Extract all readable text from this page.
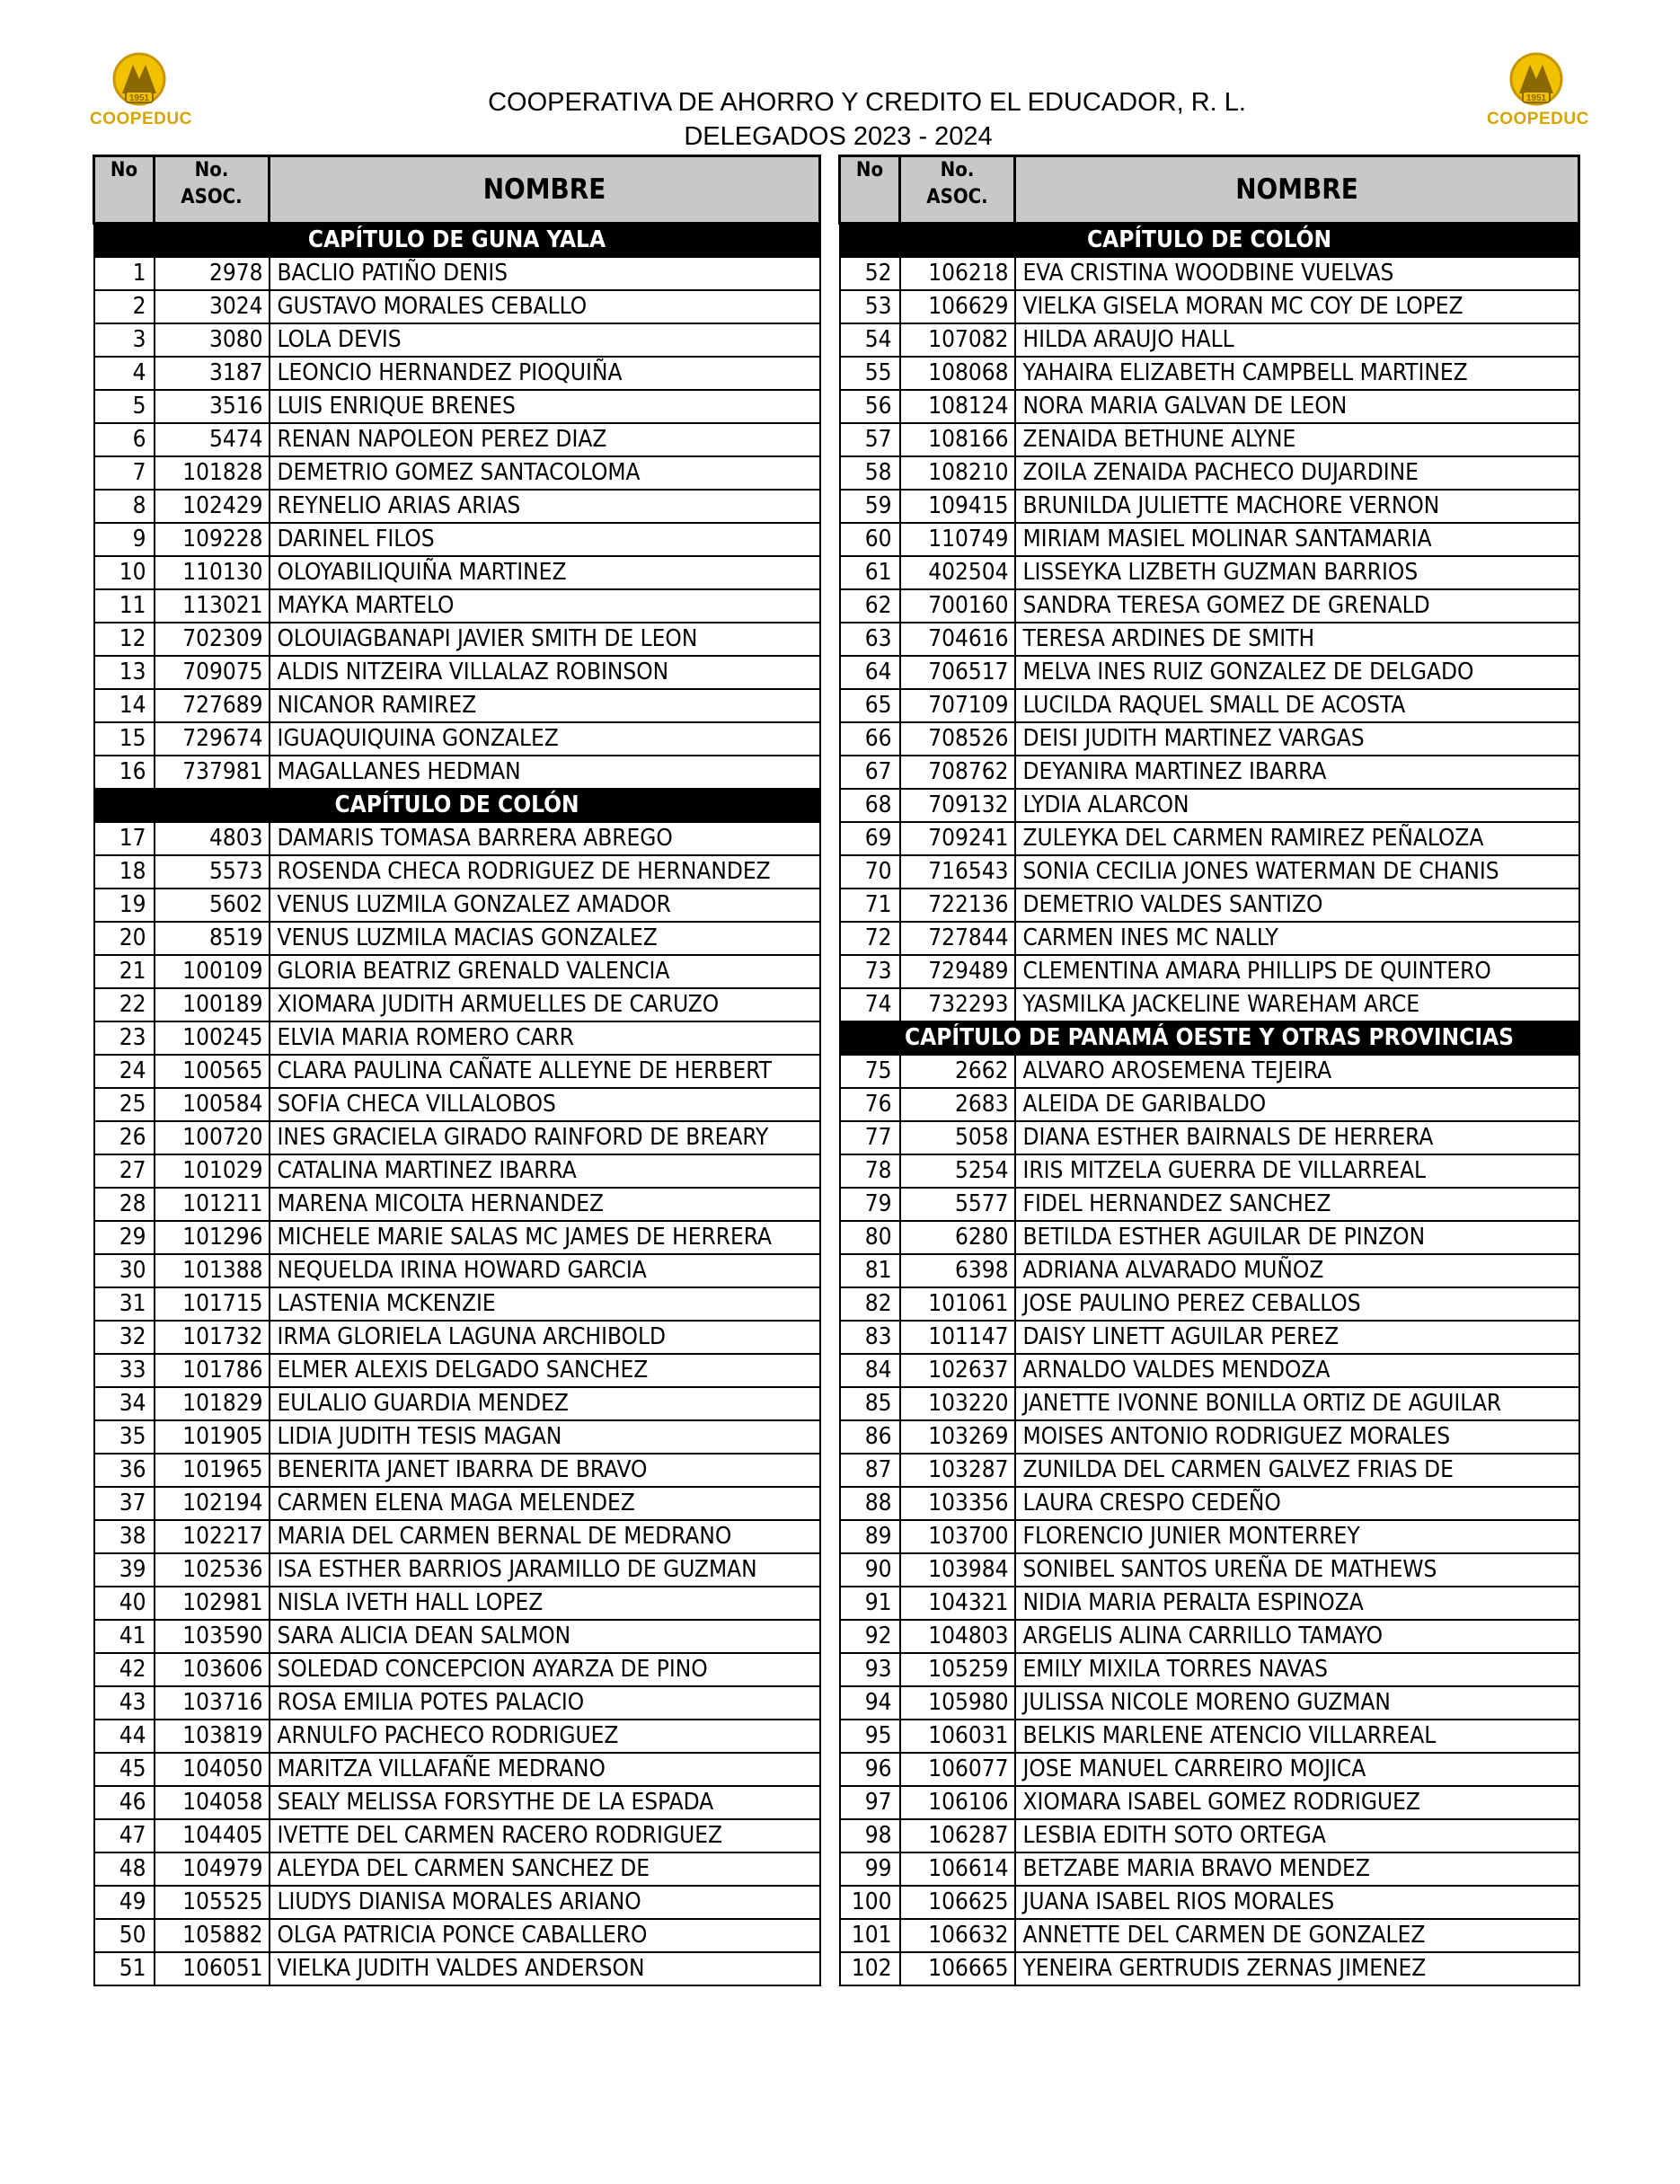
1951
COOPEDUC
1951
COOPEDUC
COOPERATIVA DE AHORRO Y CREDITO EL EDUCADOR, R. L.
DELEGADOS 2023 - 2024
No	No.
ASOC.	NOMBRE
CAPÍTULO DE GUNA YALA		
1	2978	BACLIO PATIÑO DENIS
2	3024	GUSTAVO MORALES CEBALLO
3	3080	LOLA DEVIS
4	3187	LEONCIO HERNANDEZ PIOQUIÑA
5	3516	LUIS ENRIQUE BRENES
6	5474	RENAN NAPOLEON PEREZ DIAZ
7	101828	DEMETRIO GOMEZ SANTACOLOMA
8	102429	REYNELIO ARIAS ARIAS
9	109228	DARINEL FILOS
10	110130	OLOYABILIQUIÑA MARTINEZ
11	113021	MAYKA MARTELO
12	702309	OLOUIAGBANAPI JAVIER SMITH DE LEON
13	709075	ALDIS NITZEIRA VILLALAZ ROBINSON
14	727689	NICANOR RAMIREZ
15	729674	IGUAQUIQUINA GONZALEZ
16	737981	MAGALLANES HEDMAN
CAPÍTULO DE COLÓN		
17	4803	DAMARIS TOMASA BARRERA ABREGO
18	5573	ROSENDA CHECA RODRIGUEZ DE HERNANDEZ
19	5602	VENUS LUZMILA GONZALEZ AMADOR
20	8519	VENUS LUZMILA MACIAS GONZALEZ
21	100109	GLORIA BEATRIZ GRENALD VALENCIA
22	100189	XIOMARA JUDITH ARMUELLES DE CARUZO
23	100245	ELVIA MARIA ROMERO CARR
24	100565	CLARA PAULINA CAÑATE ALLEYNE DE HERBERT
25	100584	SOFIA CHECA VILLALOBOS
26	100720	INES GRACIELA GIRADO RAINFORD DE BREARY
27	101029	CATALINA MARTINEZ IBARRA
28	101211	MARENA MICOLTA HERNANDEZ
29	101296	MICHELE MARIE SALAS MC JAMES DE HERRERA
30	101388	NEQUELDA IRINA HOWARD GARCIA
31	101715	LASTENIA MCKENZIE
32	101732	IRMA GLORIELA LAGUNA ARCHIBOLD
33	101786	ELMER ALEXIS DELGADO SANCHEZ
34	101829	EULALIO GUARDIA MENDEZ
35	101905	LIDIA JUDITH TESIS MAGAN
36	101965	BENERITA JANET IBARRA DE BRAVO
37	102194	CARMEN ELENA MAGA MELENDEZ
38	102217	MARIA DEL CARMEN BERNAL DE MEDRANO
39	102536	ISA ESTHER BARRIOS JARAMILLO DE GUZMAN
40	102981	NISLA IVETH HALL LOPEZ
41	103590	SARA ALICIA DEAN SALMON
42	103606	SOLEDAD CONCEPCION AYARZA DE PINO
43	103716	ROSA EMILIA POTES PALACIO
44	103819	ARNULFO PACHECO RODRIGUEZ
45	104050	MARITZA VILLAFAÑE MEDRANO
46	104058	SEALY MELISSA FORSYTHE DE LA ESPADA
47	104405	IVETTE DEL CARMEN RACERO RODRIGUEZ
48	104979	ALEYDA DEL CARMEN SANCHEZ DE
49	105525	LIUDYS DIANISA MORALES ARIANO
50	105882	OLGA PATRICIA PONCE CABALLERO
51	106051	VIELKA JUDITH VALDES ANDERSON
No	No.
ASOC.	NOMBRE
CAPÍTULO DE COLÓN		
52	106218	EVA CRISTINA WOODBINE VUELVAS
53	106629	VIELKA GISELA MORAN MC COY DE LOPEZ
54	107082	HILDA ARAUJO HALL
55	108068	YAHAIRA ELIZABETH CAMPBELL MARTINEZ
56	108124	NORA MARIA GALVAN DE LEON
57	108166	ZENAIDA BETHUNE ALYNE
58	108210	ZOILA ZENAIDA PACHECO DUJARDINE
59	109415	BRUNILDA JULIETTE MACHORE VERNON
60	110749	MIRIAM MASIEL MOLINAR SANTAMARIA
61	402504	LISSEYKA LIZBETH GUZMAN BARRIOS
62	700160	SANDRA TERESA GOMEZ DE GRENALD
63	704616	TERESA ARDINES DE SMITH
64	706517	MELVA INES RUIZ GONZALEZ DE DELGADO
65	707109	LUCILDA RAQUEL SMALL DE ACOSTA
66	708526	DEISI JUDITH MARTINEZ VARGAS
67	708762	DEYANIRA MARTINEZ IBARRA
68	709132	LYDIA ALARCON
69	709241	ZULEYKA DEL CARMEN RAMIREZ PEÑALOZA
70	716543	SONIA CECILIA JONES WATERMAN DE CHANIS
71	722136	DEMETRIO VALDES SANTIZO
72	727844	CARMEN INES MC NALLY
73	729489	CLEMENTINA AMARA PHILLIPS DE QUINTERO
74	732293	YASMILKA JACKELINE WAREHAM ARCE
CAPÍTULO DE PANAMÁ OESTE Y OTRAS PROVINCIAS		
75	2662	ALVARO AROSEMENA TEJEIRA
76	2683	ALEIDA DE GARIBALDO
77	5058	DIANA ESTHER BAIRNALS DE HERRERA
78	5254	IRIS MITZELA GUERRA DE VILLARREAL
79	5577	FIDEL HERNANDEZ SANCHEZ
80	6280	BETILDA ESTHER AGUILAR DE PINZON
81	6398	ADRIANA ALVARADO MUÑOZ
82	101061	JOSE PAULINO PEREZ CEBALLOS
83	101147	DAISY LINETT AGUILAR PEREZ
84	102637	ARNALDO VALDES MENDOZA
85	103220	JANETTE IVONNE BONILLA ORTIZ DE AGUILAR
86	103269	MOISES ANTONIO RODRIGUEZ MORALES
87	103287	ZUNILDA DEL CARMEN GALVEZ FRIAS DE
88	103356	LAURA CRESPO CEDEÑO
89	103700	FLORENCIO JUNIER MONTERREY
90	103984	SONIBEL SANTOS UREÑA DE MATHEWS
91	104321	NIDIA MARIA PERALTA ESPINOZA
92	104803	ARGELIS ALINA CARRILLO TAMAYO
93	105259	EMILY MIXILA TORRES NAVAS
94	105980	JULISSA NICOLE MORENO GUZMAN
95	106031	BELKIS MARLENE ATENCIO VILLARREAL
96	106077	JOSE MANUEL CARREIRO MOJICA
97	106106	XIOMARA ISABEL GOMEZ RODRIGUEZ
98	106287	LESBIA EDITH SOTO ORTEGA
99	106614	BETZABE MARIA BRAVO MENDEZ
100	106625	JUANA ISABEL RIOS MORALES
101	106632	ANNETTE DEL CARMEN DE GONZALEZ
102	106665	YENEIRA GERTRUDIS ZERNAS JIMENEZ
